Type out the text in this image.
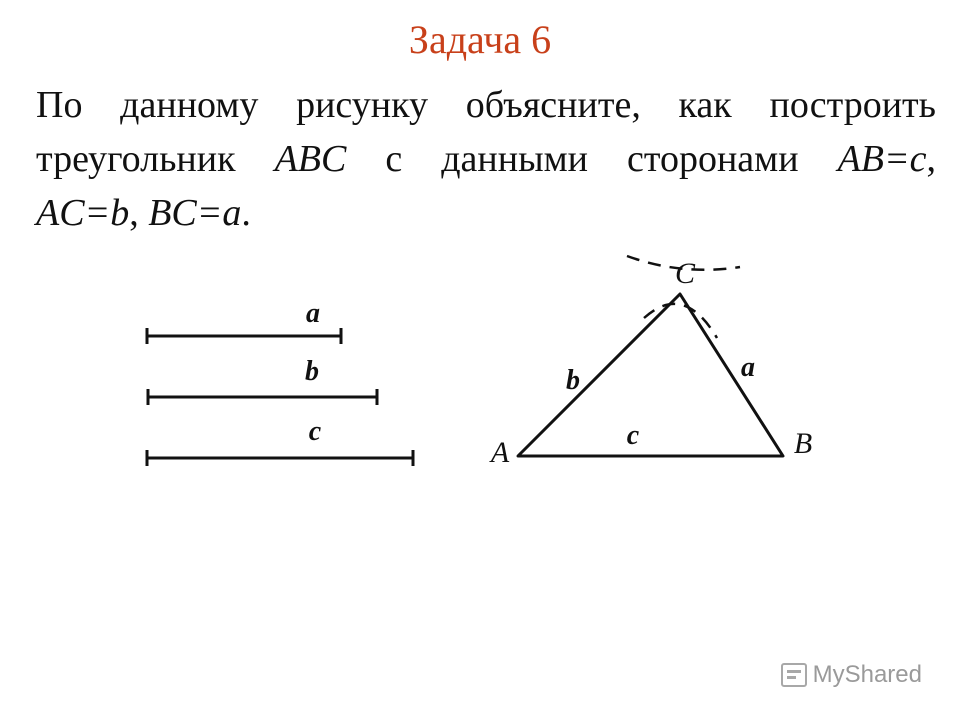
Задача 6
По данному рисунку объясните, как построить
треугольник ABC с данными сторонами AB=c,
AC=b, BC=a.
a
b
c
A	B
C
c
b	a
MyShared
